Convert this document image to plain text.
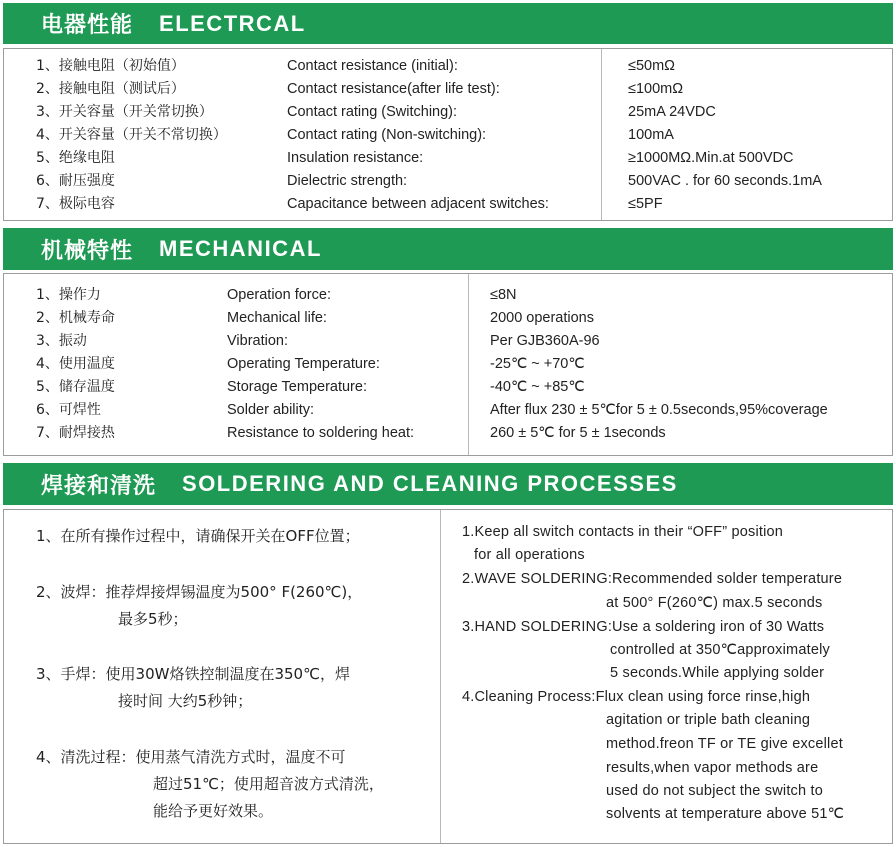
电器性能 ELECTRCAL
1、接触电阻（初始值）	Contact resistance (initial):	≤50mΩ
2、接触电阻（测试后）	Contact resistance(after life test):	≤100mΩ
3、开关容量（开关常切换）	Contact rating (Switching):	25mA 24VDC
4、开关容量（开关不常切换）	Contact rating (Non-switching):	100mA
5、绝缘电阻	Insulation resistance:	≥1000MΩ.Min.at 500VDC
6、耐压强度	Dielectric strength:	500VAC . for 60 seconds.1mA
7、极际电容	Capacitance between adjacent switches:	≤5PF
机械特性 MECHANICAL
1、操作力	Operation force:	≤8N
2、机械寿命	Mechanical life:	2000 operations
3、振动	Vibration:	Per GJB360A-96
4、使用温度	Operating Temperature:	-25℃ ~ +70℃
5、储存温度	Storage Temperature:	-40℃ ~ +85℃
6、可焊性	Solder ability:	After flux 230 ± 5℃for 5 ± 0.5seconds,95%coverage
7、耐焊接热	Resistance to soldering heat:	260 ± 5℃ for 5 ± 1seconds
焊接和清洗 SOLDERING AND CLEANING PROCESSES
1、在所有操作过程中，请确保开关在OFF位置；
2、波焊：推荐焊接焊锡温度为500° F(260℃)，
最多5秒；
3、手焊：使用30W烙铁控制温度在350℃，焊
接时间 大约5秒钟；
4、清洗过程：使用蒸气清洗方式时，温度不可
超过51℃；使用超音波方式清洗，
能给予更好效果。
1.Keep all switch contacts in their “OFF” position
for all operations
2.WAVE SOLDERING:Recommended solder temperature
at 500° F(260℃) max.5 seconds
3.HAND SOLDERING:Use a soldering iron of 30 Watts
controlled at 350℃approximately
5 seconds.While applying solder
4.Cleaning Process:Flux clean using force rinse,high
agitation or triple bath cleaning
method.freon TF or TE give excellet
results,when vapor methods are
used do not subject the switch to
solvents at temperature above 51℃
